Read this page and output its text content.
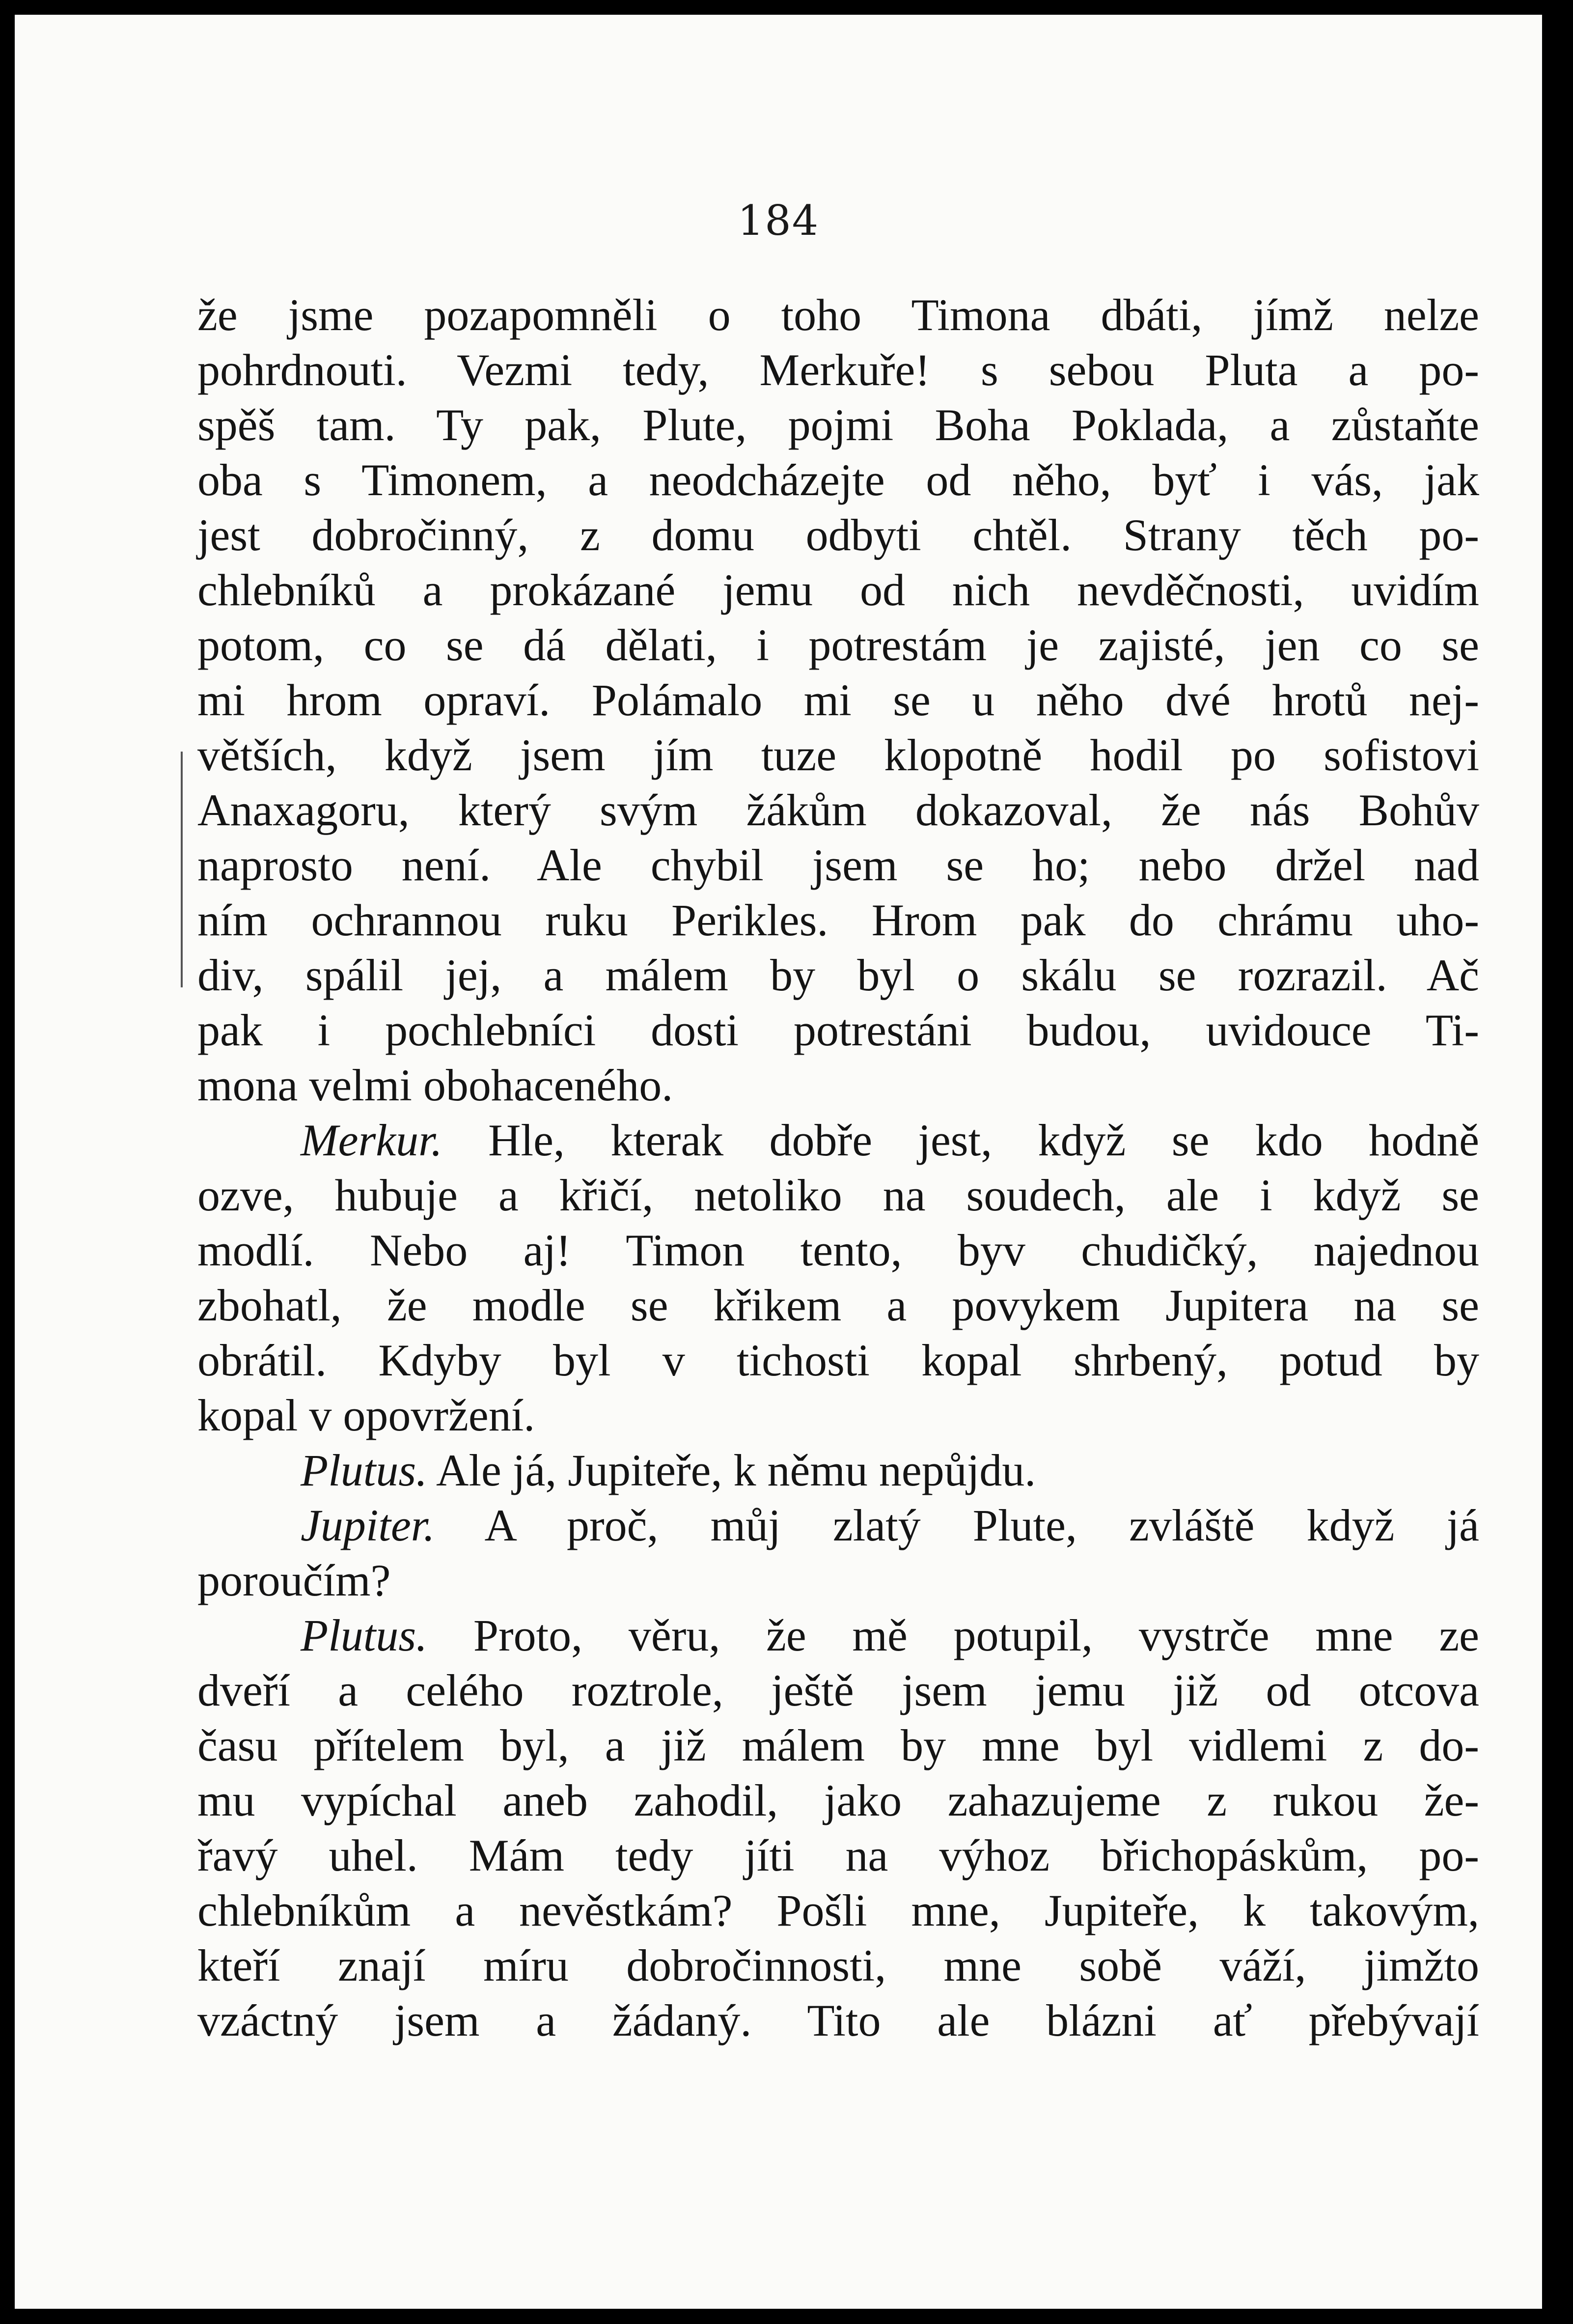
184
že jsme pozapomněli o toho Timona dbáti, jímž nelze
pohrdnouti. Vezmi tedy, Merkuře! s sebou Pluta a po-
spěš tam. Ty pak, Plute, pojmi Boha Poklada, a zůstaňte
oba s Timonem, a neodcházejte od něho, byť i vás, jak
jest dobročinný, z domu odbyti chtěl. Strany těch po-
chlebníků a prokázané jemu od nich nevděčnosti, uvidím
potom, co se dá dělati, i potrestám je zajisté, jen co se
mi hrom opraví. Polámalo mi se u něho dvé hrotů nej-
větších, když jsem jím tuze klopotně hodil po sofistovi
Anaxagoru, který svým žákům dokazoval, že nás Bohův
naprosto není. Ale chybil jsem se ho; nebo držel nad
ním ochrannou ruku Perikles. Hrom pak do chrámu uho-
div, spálil jej, a málem by byl o skálu se rozrazil. Ač
pak i pochlebníci dosti potrestáni budou, uvidouce Ti-
mona velmi obohaceného.
Merkur. Hle, kterak dobře jest, když se kdo hodně
ozve, hubuje a křičí, netoliko na soudech, ale i když se
modlí. Nebo aj! Timon tento, byv chudičký, najednou
zbohatl, že modle se křikem a povykem Jupitera na se
obrátil. Kdyby byl v tichosti kopal shrbený, potud by
kopal v opovržení.
Plutus. Ale já, Jupiteře, k němu nepůjdu.
Jupiter. A proč, můj zlatý Plute, zvláště když já
poroučím?
Plutus. Proto, věru, že mě potupil, vystrče mne ze
dveří a celého roztrole, ještě jsem jemu již od otcova
času přítelem byl, a již málem by mne byl vidlemi z do-
mu vypíchal aneb zahodil, jako zahazujeme z rukou že-
řavý uhel. Mám tedy jíti na výhoz břichopáskům, po-
chlebníkům a nevěstkám? Pošli mne, Jupiteře, k takovým,
kteří znají míru dobročinnosti, mne sobě váží, jimžto
vzáctný jsem a žádaný. Tito ale blázni ať přebývají
